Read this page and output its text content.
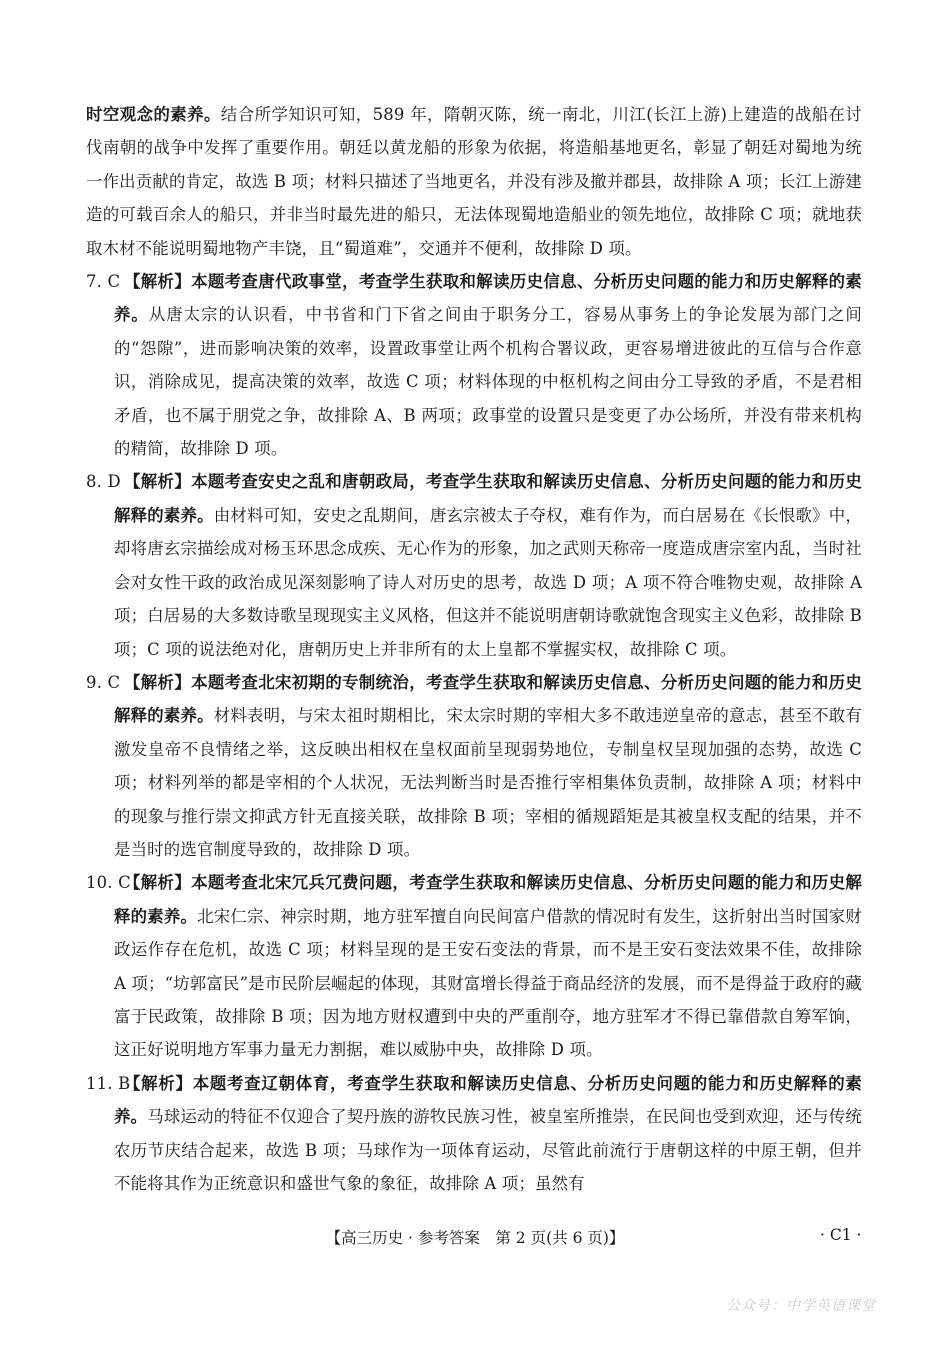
时空观念的素养。结合所学知识可知，589 年，隋朝灭陈，统一南北，川江(长江上游)上建造的战船在讨伐南朝的战争中发挥了重要作用。朝廷以黄龙船的形象为依据，将造船基地更名，彰显了朝廷对蜀地为统一作出贡献的肯定，故选 B 项；材料只描述了当地更名，并没有涉及撤并郡县，故排除 A 项；长江上游建造的可载百余人的船只，并非当时最先进的船只，无法体现蜀地造船业的领先地位，故排除 C 项；就地获取木材不能说明蜀地物产丰饶，且“蜀道难”，交通并不便利，故排除 D 项。

7. C 【解析】本题考查唐代政事堂，考查学生获取和解读历史信息、分析历史问题的能力和历史解释的素养。从唐太宗的认识看，中书省和门下省之间由于职务分工，容易从事务上的争论发展为部门之间的“怨隙”，进而影响决策的效率，设置政事堂让两个机构合署议政，更容易增进彼此的互信与合作意识，消除成见，提高决策的效率，故选 C 项；材料体现的中枢机构之间由分工导致的矛盾，不是君相矛盾，也不属于朋党之争，故排除 A、B 两项；政事堂的设置只是变更了办公场所，并没有带来机构的精简，故排除 D 项。
8. D 【解析】本题考查安史之乱和唐朝政局，考查学生获取和解读历史信息、分析历史问题的能力和历史解释的素养。由材料可知，安史之乱期间，唐玄宗被太子夺权，难有作为，而白居易在《长恨歌》中，却将唐玄宗描绘成对杨玉环思念成疾、无心作为的形象，加之武则天称帝一度造成唐宗室内乱，当时社会对女性干政的政治成见深刻影响了诗人对历史的思考，故选 D 项；A 项不符合唯物史观，故排除 A 项；白居易的大多数诗歌呈现现实主义风格，但这并不能说明唐朝诗歌就饱含现实主义色彩，故排除 B 项；C 项的说法绝对化，唐朝历史上并非所有的太上皇都不掌握实权，故排除 C 项。
9. C 【解析】本题考查北宋初期的专制统治，考查学生获取和解读历史信息、分析历史问题的能力和历史解释的素养。材料表明，与宋太祖时期相比，宋太宗时期的宰相大多不敢违逆皇帝的意志，甚至不敢有激发皇帝不良情绪之举，这反映出相权在皇权面前呈现弱势地位，专制皇权呈现加强的态势，故选 C 项；材料列举的都是宰相的个人状况，无法判断当时是否推行宰相集体负责制，故排除 A 项；材料中的现象与推行崇文抑武方针无直接关联，故排除 B 项；宰相的循规蹈矩是其被皇权支配的结果，并不是当时的选官制度导致的，故排除 D 项。
10. C
【解析】本题考查北宋冗兵冗费问题，考查学生获取和解读历史信息、分析历史问题的能力和历史解释的素养。北宋仁宗、神宗时期，地方驻军擅自向民间富户借款的情况时有发生，这折射出当时国家财政运作存在危机，故选 C 项；材料呈现的是王安石变法的背景，而不是王安石变法效果不佳，故排除 A 项；“坊郭富民”是市民阶层崛起的体现，其财富增长得益于商品经济的发展，而不是得益于政府的藏富于民政策，故排除 B 项；因为地方财权遭到中央的严重削夺，地方驻军才不得已靠借款自筹军饷，这正好说明地方军事力量无力割据，难以威胁中央，故排除 D 项。
11. B
【解析】本题考查辽朝体育，考查学生获取和解读历史信息、分析历史问题的能力和历史解释的素养。马球运动的特征不仅迎合了契丹族的游牧民族习性，被皇室所推崇，在民间也受到欢迎，还与传统农历节庆结合起来，故选 B 项；马球作为一项体育运动，尽管此前流行于唐朝这样的中原王朝，但并不能将其作为正统意识和盛世气象的象征，故排除 A 项；虽然有
【高三历史 · 参考答案　第 2 页(共 6 页)】	· C1 ·
公众号：中学英语课堂
